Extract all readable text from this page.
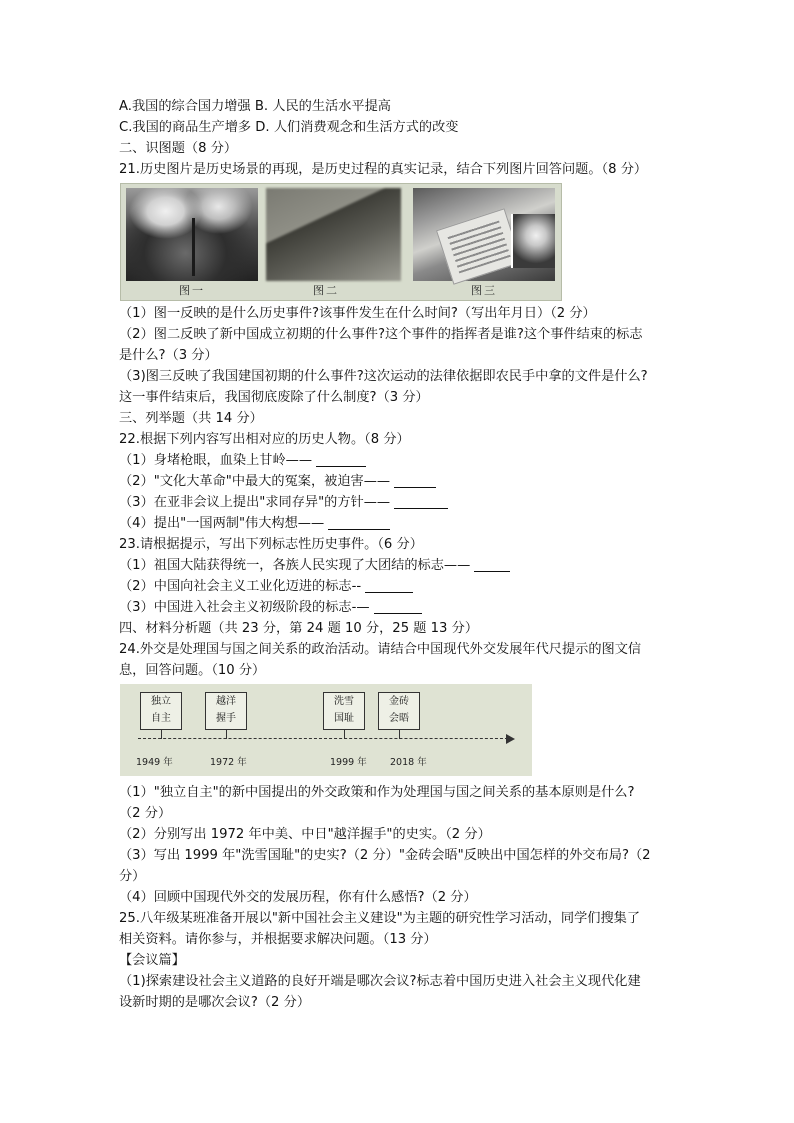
A.我国的综合国力增强 B. 人民的生活水平提高
C.我国的商品生产增多 D. 人们消费观念和生活方式的改变
二、识图题（8 分）
21.历史图片是历史场景的再现，是历史过程的真实记录，结合下列图片回答问题。（8 分）
图一	图二	图三
（1）图一反映的是什么历史事件?该事件发生在什么时间?（写出年月日）（2 分）
（2）图二反映了新中国成立初期的什么事件?这个事件的指挥者是谁?这个事件结束的标志
是什么?（3 分）
（3)图三反映了我国建国初期的什么事件?这次运动的法律依据即农民手中拿的文件是什么?
这一事件结束后，我国彻底废除了什么制度?（3 分）
三、列举题（共 14 分）
22.根据下列内容写出相对应的历史人物。（8 分）
（1）身堵枪眼，血染上甘岭——
（2）"文化大革命"中最大的冤案，被迫害——
（3）在亚非会议上提出"求同存异"的方针——
（4）提出"一国两制"伟大构想——
23.请根据提示，写出下列标志性历史事件。（6 分）
（1）祖国大陆获得统一，各族人民实现了大团结的标志——
（2）中国向社会主义工业化迈进的标志--
（3）中国进入社会主义初级阶段的标志-—
四、材料分析题（共 23 分，第 24 题 10 分，25 题 13 分）
24.外交是处理国与国之间关系的政治活动。请结合中国现代外交发展年代尺提示的图文信
息，回答问题。（10 分）
独立
自主
越洋
握手
洗雪
国耻
金砖
会晤
1949 年	1972 年	1999 年 2018 年
（1）"独立自主"的新中国提出的外交政策和作为处理国与国之间关系的基本原则是什么?
（2 分）
（2）分别写出 1972 年中美、中日"越洋握手"的史实。（2 分）
（3）写出 1999 年"洗雪国耻"的史实?（2 分）"金砖会晤"反映出中国怎样的外交布局?（2
分）
（4）回顾中国现代外交的发展历程，你有什么感悟?（2 分）
25.八年级某班准备开展以"新中国社会主义建设"为主题的研究性学习活动，同学们搜集了
相关资料。请你参与，并根据要求解决问题。（13 分）
【会议篇】
（1)探索建设社会主义道路的良好开端是哪次会议?标志着中国历史进入社会主义现代化建
设新时期的是哪次会议?（2 分）
